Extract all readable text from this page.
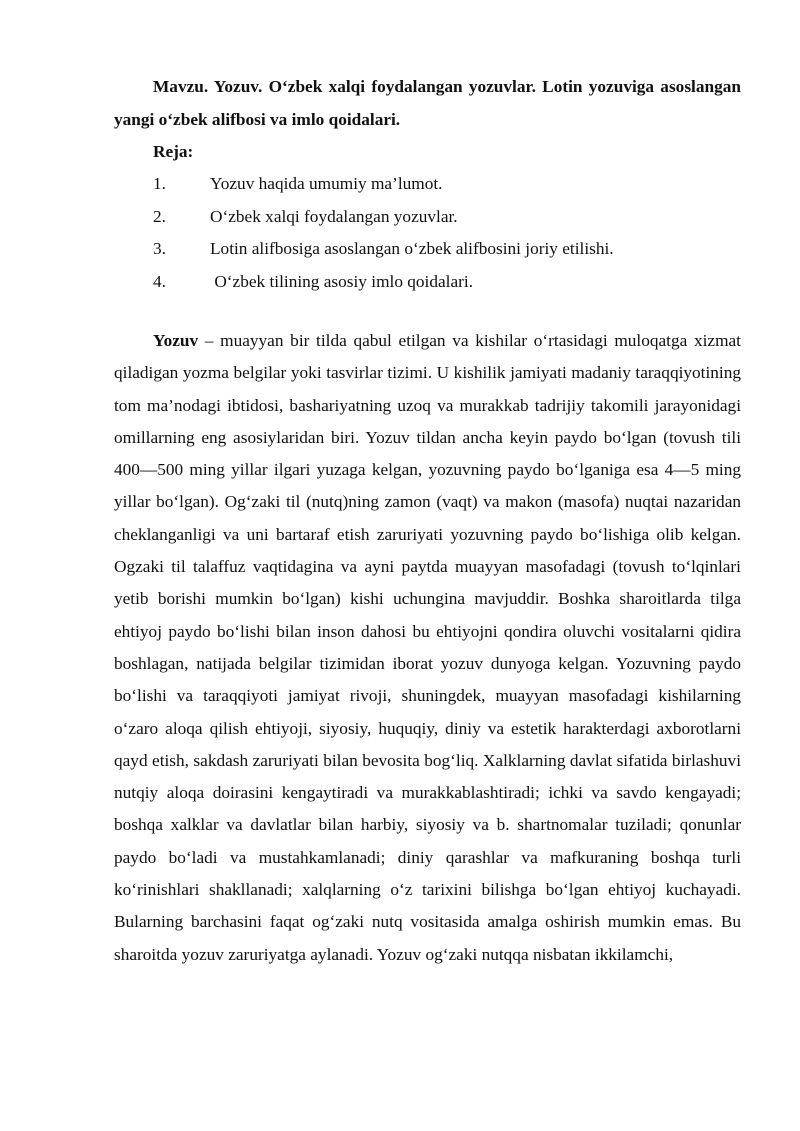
Mavzu. Yozuv. O‘zbek xalqi foydalangan yozuvlar. Lotin yozuviga asoslangan yangi o‘zbek alifbosi va imlo qoidalari.

Reja:

1.	Yozuv haqida umumiy ma’lumot.
2.	O‘zbek xalqi foydalangan yozuvlar.
3.	Lotin alifbosiga asoslangan o‘zbek alifbosini joriy etilishi.
4.	O‘zbek tilining asosiy imlo qoidalari.

Yozuv – muayyan bir tilda qabul etilgan va kishilar o‘rtasidagi muloqatga xizmat qiladigan yozma belgilar yoki tasvirlar tizimi. U kishilik jamiyati madaniy taraqqiyotining tom ma’nodagi ibtidosi, bashariyatning uzoq va murakkab tadrijiy takomili jarayonidagi omillarning eng asosiylaridan biri. Yozuv tildan ancha keyin paydo bo‘lgan (tovush tili 400—500 ming yillar ilgari yuzaga kelgan, yozuvning paydo bo‘lganiga esa 4—5 ming yillar bo‘lgan). Og‘zaki til (nutq)ning zamon (vaqt) va makon (masofa) nuqtai nazaridan cheklanganligi va uni bartaraf etish zaruriyati yozuvning paydo bo‘lishiga olib kelgan. Ogzaki til talaffuz vaqtidagina va ayni paytda muayyan masofadagi (tovush to‘lqinlari yetib borishi mumkin bo‘lgan) kishi uchungina mavjuddir. Boshka sharoitlarda tilga ehtiyoj paydo bo‘lishi bilan inson dahosi bu ehtiyojni qondira oluvchi vositalarni qidira boshlagan, natijada belgilar tizimidan iborat yozuv dunyoga kelgan. Yozuvning paydo bo‘lishi va taraqqiyoti jamiyat rivoji, shuningdek, muayyan masofadagi kishilarning o‘zaro aloqa qilish ehtiyoji, siyosiy, huquqiy, diniy va estetik harakterdagi axborotlarni qayd etish, sakdash zaruriyati bilan bevosita bog‘liq. Xalklarning davlat sifatida birlashuvi nutqiy aloqa doirasini kengaytiradi va murakkablashtiradi; ichki va savdo kengayadi; boshqa xalklar va davlatlar bilan harbiy, siyosiy va b. shartnomalar tuziladi; qonunlar paydo bo‘ladi va mustahkamlanadi; diniy qarashlar va mafkuraning boshqa turli ko‘rinishlari shakllanadi; xalqlarning o‘z tarixini bilishga bo‘lgan ehtiyoj kuchayadi. Bularning barchasini faqat og‘zaki nutq vositasida amalga oshirish mumkin emas. Bu sharoitda yozuv zaruriyatga aylanadi. Yozuv og‘zaki nutqqa nisbatan ikkilamchi,
